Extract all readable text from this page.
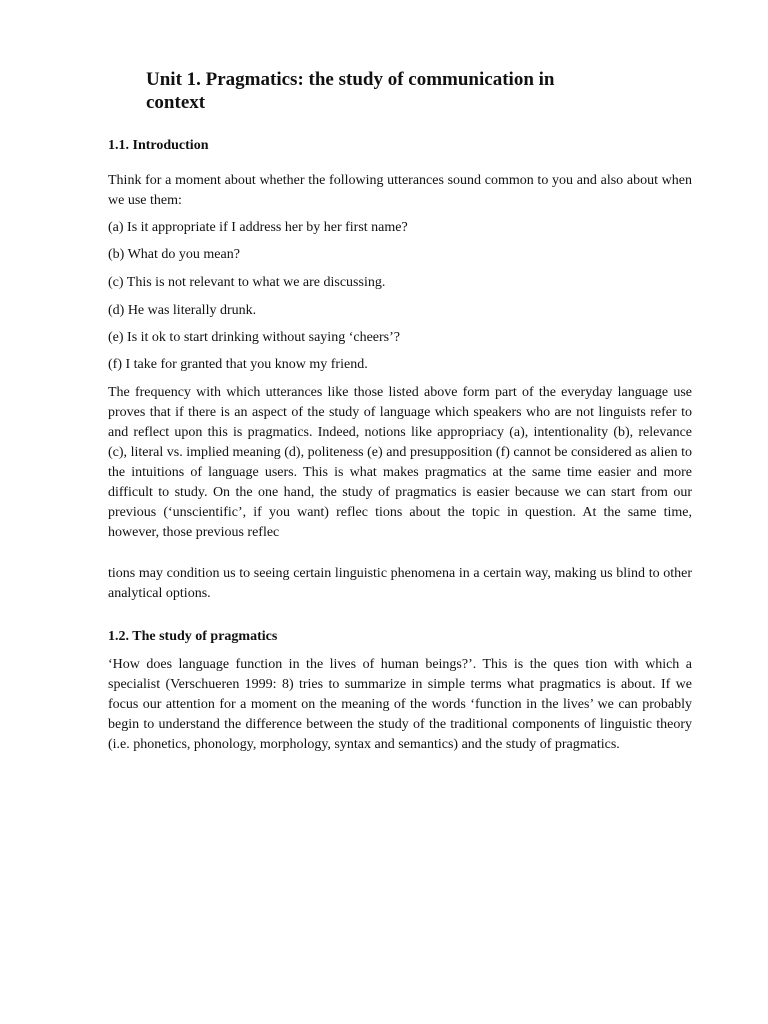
Unit 1. Pragmatics: the study of communication in context
1.1. Introduction

Think for a moment about whether the following utterances sound common to you and also about when we use them:

(a) Is it appropriate if I address her by her first name?

(b) What do you mean?

(c) This is not relevant to what we are discussing.

(d) He was literally drunk.

(e) Is it ok to start drinking without saying ‘cheers’?

(f) I take for granted that you know my friend.

The frequency with which utterances like those listed above form part of the everyday language use proves that if there is an aspect of the study of language which speakers who are not linguists refer to and reflect upon this is pragmatics. Indeed, notions like appropriacy (a), intentionality (b), relevance (c), literal vs. implied meaning (d), politeness (e) and presupposition (f) cannot be considered as alien to the intuitions of language users. This is what makes pragmatics at the same time easier and more difficult to study. On the one hand, the study of pragmatics is easier because we can start from our previous (‘unscientific’, if you want) reflec tions about the topic in question. At the same time, however, those previous reflec

tions may condition us to seeing certain linguistic phenomena in a certain way, making us blind to other analytical options.

1.2. The study of pragmatics

‘How does language function in the lives of human beings?’. This is the ques tion with which a specialist (Verschueren 1999: 8) tries to summarize in simple terms what pragmatics is about. If we focus our attention for a moment on the meaning of the words ‘function in the lives’ we can probably begin to understand the difference between the study of the traditional components of linguistic theory (i.e. phonetics, phonology, morphology, syntax and semantics) and the study of pragmatics.
